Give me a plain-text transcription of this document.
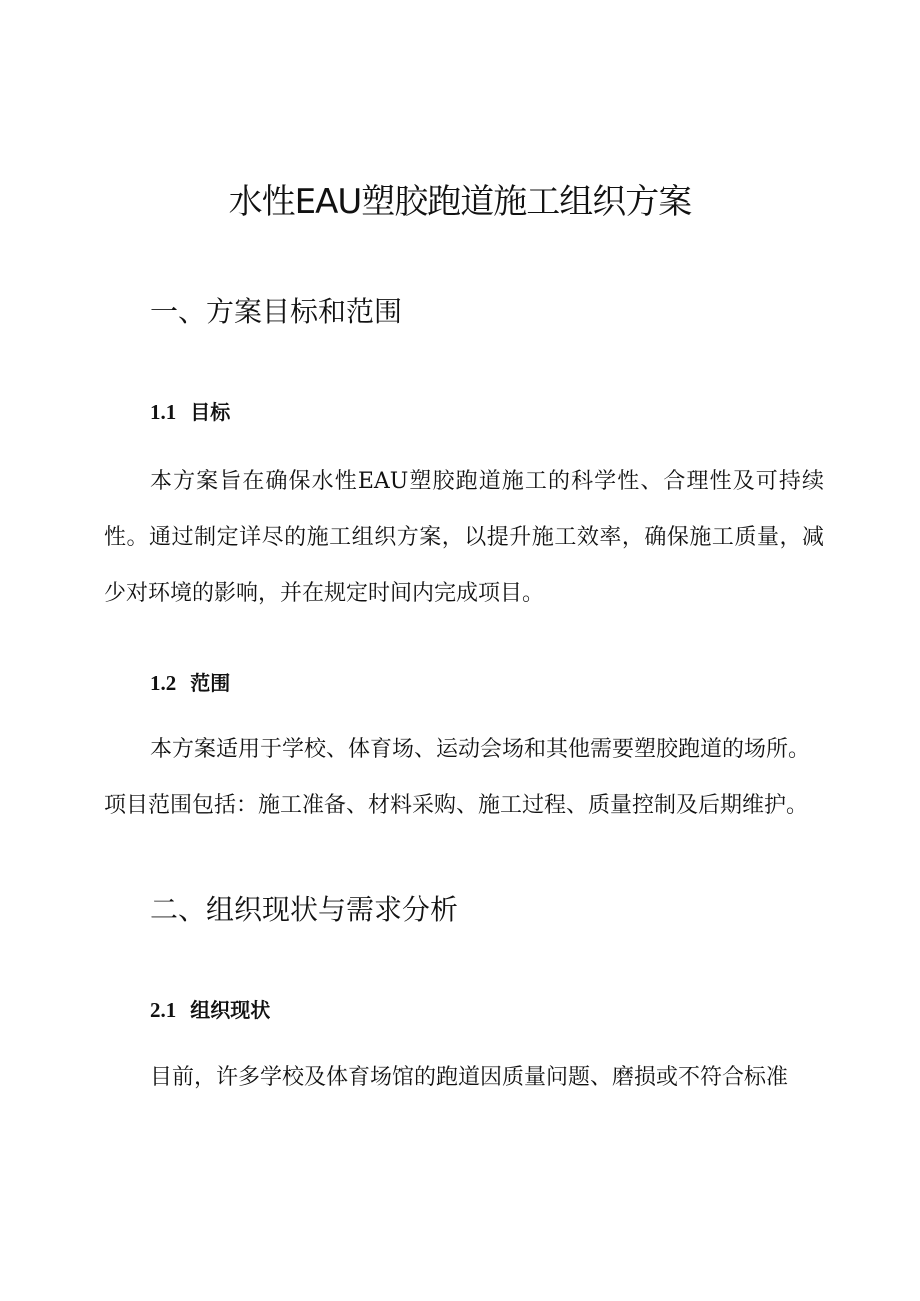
水性EAU塑胶跑道施工组织方案
一、方案目标和范围
1.1 目标

本方案旨在确保水性EAU塑胶跑道施工的科学性、合理性及可持续性。通过制定详尽的施工组织方案，以提升施工效率，确保施工质量，减少对环境的影响，并在规定时间内完成项目。

1.2 范围

本方案适用于学校、体育场、运动会场和其他需要塑胶跑道的场所。

项目范围包括：施工准备、材料采购、施工过程、质量控制及后期维护。

二、组织现状与需求分析
2.1 组织现状

目前，许多学校及体育场馆的跑道因质量问题、磨损或不符合标准
